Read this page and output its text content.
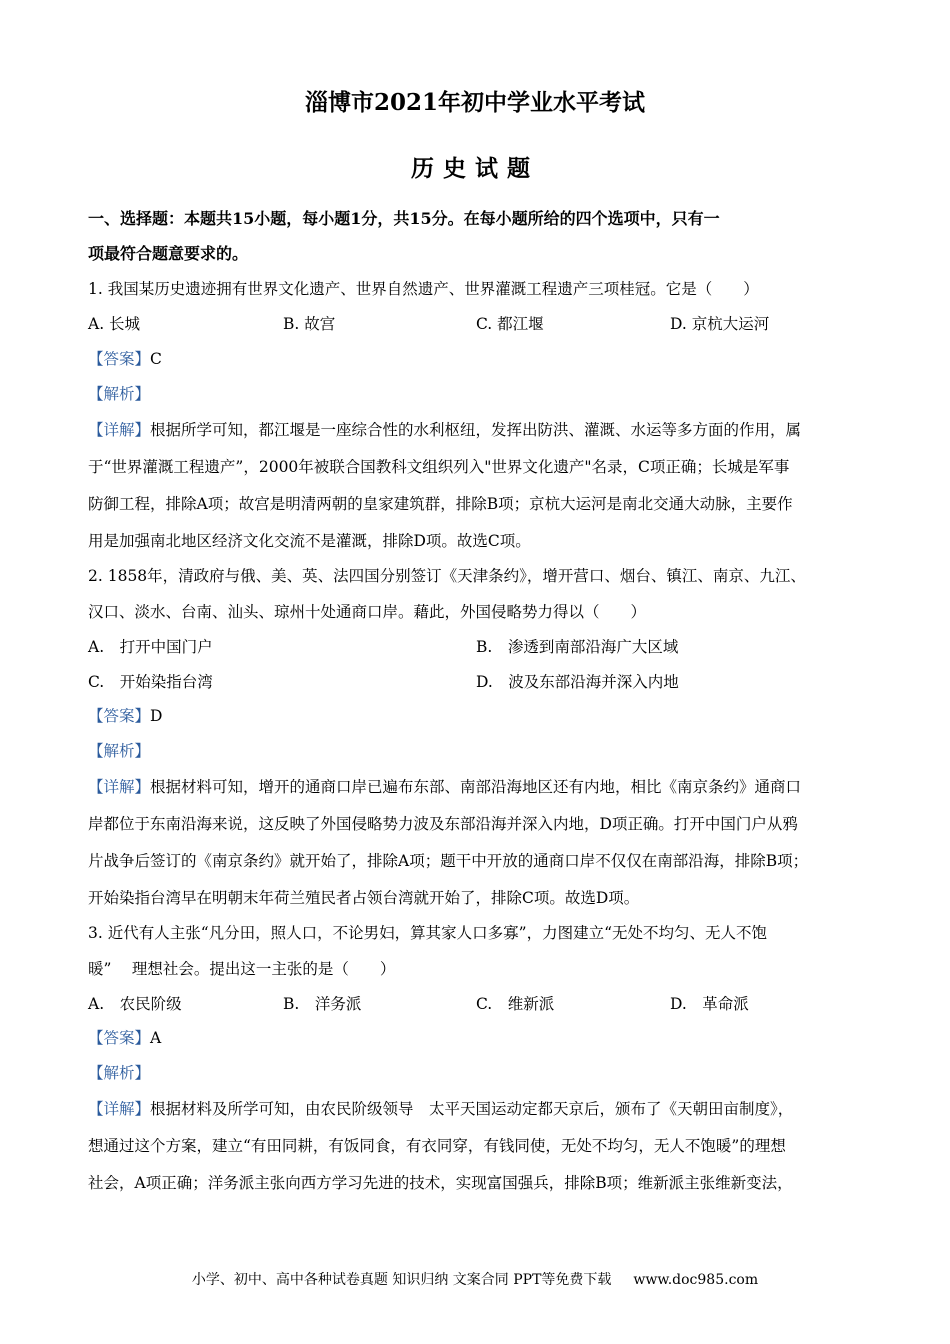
淄博市2021年初中学业水平考试
历史试题
一、选择题：本题共15小题，每小题1分，共15分。在每小题所给的四个选项中，只有一
项最符合题意要求的。
1. 我国某历史遗迹拥有世界文化遗产、世界自然遗产、世界灌溉工程遗产三项桂冠。它是（　　）
A. 长城	B. 故宫	C. 都江堰	D. 京杭大运河
【答案】C
【解析】
【详解】根据所学可知，都江堰是一座综合性的水利枢纽，发挥出防洪、灌溉、水运等多方面的作用，属
于“世界灌溉工程遗产”，2000年被联合国教科文组织列入"世界文化遗产"名录，C项正确；长城是军事
防御工程，排除A项；故宫是明清两朝的皇家建筑群，排除B项；京杭大运河是南北交通大动脉，主要作
用是加强南北地区经济文化交流不是灌溉，排除D项。故选C项。
2. 1858年，清政府与俄、美、英、法四国分别签订《天津条约》，增开营口、烟台、镇江、南京、九江、
汉口、淡水、台南、汕头、琼州十处通商口岸。藉此，外国侵略势力得以（　　）
A.　打开中国门户	B.　渗透到南部沿海广大区域
C.　开始染指台湾	D.　波及东部沿海并深入内地
【答案】D
【解析】
【详解】根据材料可知，增开的通商口岸已遍布东部、南部沿海地区还有内地，相比《南京条约》通商口
岸都位于东南沿海来说，这反映了外国侵略势力波及东部沿海并深入内地，D项正确。打开中国门户从鸦
片战争后签订的《南京条约》就开始了，排除A项；题干中开放的通商口岸不仅仅在南部沿海，排除B项；
开始染指台湾早在明朝末年荷兰殖民者占领台湾就开始了，排除C项。故选D项。
3. 近代有人主张“凡分田，照人口，不论男妇，算其家人口多寡”，力图建立“无处不均匀、无人不饱
暖”　 理想社会。提出这一主张的是（　　）
A.　农民阶级	B.　洋务派	C.　维新派	D.　革命派
【答案】A
【解析】
【详解】根据材料及所学可知，由农民阶级领导　太平天国运动定都天京后，颁布了《天朝田亩制度》，
想通过这个方案，建立“有田同耕，有饭同食，有衣同穿，有钱同使，无处不均匀，无人不饱暖”的理想
社会，A项正确；洋务派主张向西方学习先进的技术，实现富国强兵，排除B项；维新派主张维新变法，
小学、初中、高中各种试卷真题 知识归纳 文案合同 PPT等免费下载 www.doc985.com
